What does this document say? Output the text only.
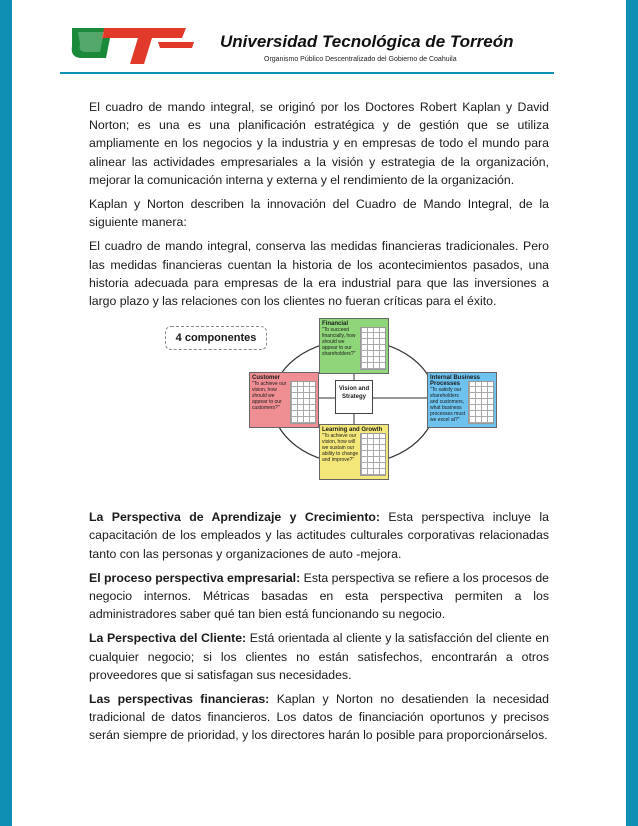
Universidad Tecnológica de Torreón
Organismo Público Descentralizado del Gobierno de Coahuila

El cuadro de mando integral, se originó por los Doctores Robert Kaplan y David Norton; es una es una planificación estratégica y de gestión que se utiliza ampliamente en los negocios y la industria y en empresas de todo el mundo para alinear las actividades empresariales a la visión y estrategia de la organización, mejorar la comunicación interna y externa y el rendimiento de la organización.

Kaplan y Norton describen la innovación del Cuadro de Mando Integral, de la siguiente manera:

El cuadro de mando integral, conserva las medidas financieras tradicionales. Pero las medidas financieras cuentan la historia de los acontecimientos pasados, una historia adecuada para empresas de la era industrial para que las inversiones a largo plazo y las relaciones con los clientes no fueran críticas para el éxito.

4 componentes
Financial
"To succeed financially, how should we appear to our shareholders?"
Customer
"To achieve our vision, how should we appear to our customers?"
Internal Business Processes
"To satisfy our shareholders and customers, what business processes must we excel at?"
Learning and Growth
"To achieve our vision, how will we sustain our ability to change and improve?"
Vision and Strategy

La Perspectiva de Aprendizaje y Crecimiento: Esta perspectiva incluye la capacitación de los empleados y las actitudes culturales corporativas relacionadas tanto con las personas y organizaciones de auto -mejora.

El proceso perspectiva empresarial: Esta perspectiva se refiere a los procesos de negocio internos. Métricas basadas en esta perspectiva permiten a los administradores saber qué tan bien está funcionando su negocio.

La Perspectiva del Cliente: Está orientada al cliente y la satisfacción del cliente en cualquier negocio; si los clientes no están satisfechos, encontrarán a otros proveedores que si satisfagan sus necesidades.

Las perspectivas financieras: Kaplan y Norton no desatienden la necesidad tradicional de datos financieros. Los datos de financiación oportunos y precisos serán siempre de prioridad, y los directores harán lo posible para proporcionárselos.
